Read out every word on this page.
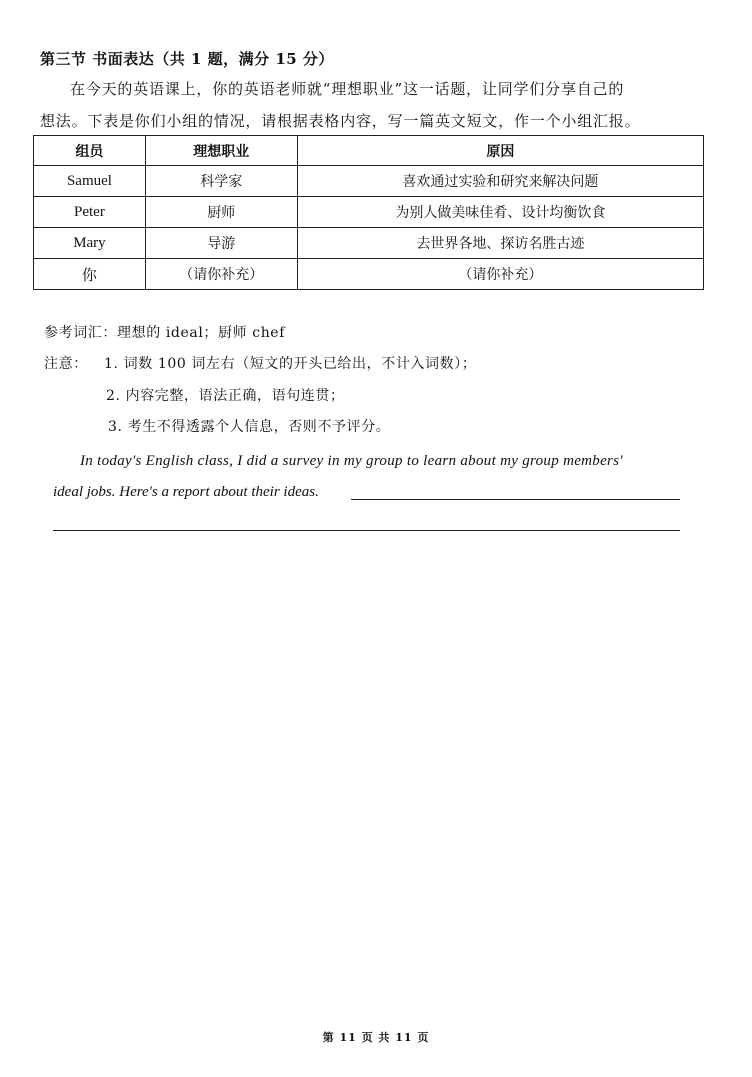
第三节 书面表达（共 1 题，满分 15 分）
在今天的英语课上，你的英语老师就“理想职业”这一话题，让同学们分享自己的
想法。下表是你们小组的情况，请根据表格内容，写一篇英文短文，作一个小组汇报。
组员	理想职业	原因
Samuel	科学家	喜欢通过实验和研究来解决问题
Peter	厨师	为别人做美味佳肴、设计均衡饮食
Mary	导游	去世界各地、探访名胜古迹
你	（请你补充）	（请你补充）
参考词汇：理想的 ideal；厨师 chef
注意： 1. 词数 100 词左右（短文的开头已给出，不计入词数）；
2. 内容完整，语法正确，语句连贯；
3. 考生不得透露个人信息，否则不予评分。
In today's English class, I did a survey in my group to learn about my group members'
ideal jobs. Here's a report about their ideas.
第 11 页 共 11 页
